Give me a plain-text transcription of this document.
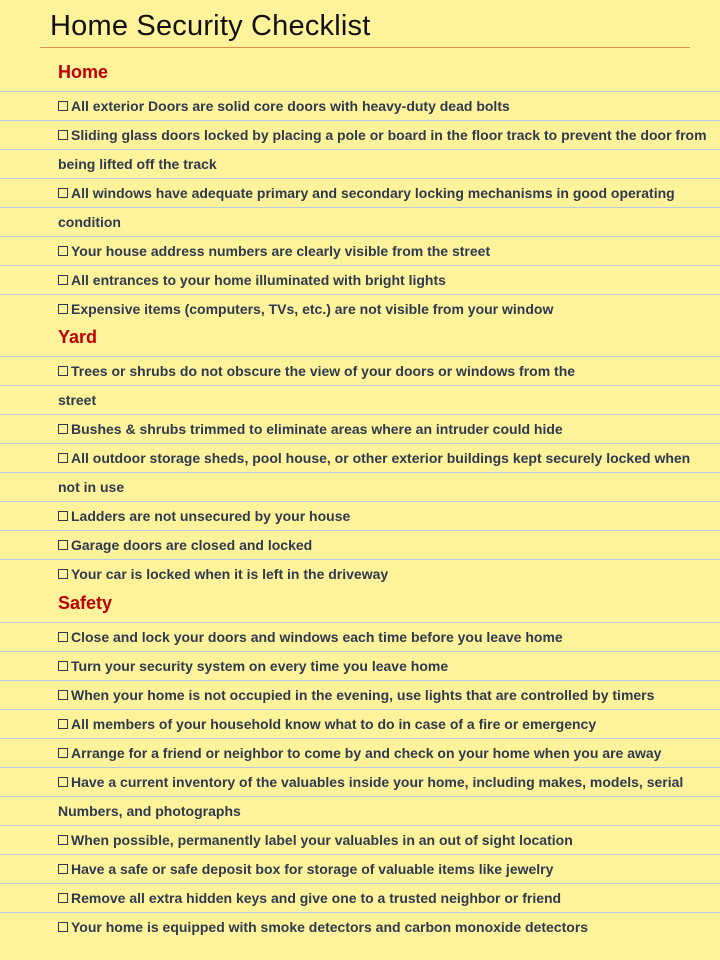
Home Security Checklist
Home
All exterior Doors are solid core doors with heavy-duty dead bolts
Sliding glass doors locked by placing a pole or board in the floor track to prevent the door from
being lifted off the track
All windows have adequate primary and secondary locking mechanisms in good operating
condition
Your house address numbers are clearly visible from the street
All entrances to your home illuminated with bright lights
Expensive items (computers, TVs, etc.) are not visible from your window
Yard
Trees or shrubs do not obscure the view of your doors or windows from the
street
Bushes & shrubs trimmed to eliminate areas where an intruder could hide
All outdoor storage sheds, pool house, or other exterior buildings kept securely locked when
not in use
Ladders are not unsecured by your house
Garage doors are closed and locked
Your car is locked when it is left in the driveway
Safety
Close and lock your doors and windows each time before you leave home
Turn your security system on every time you leave home
When your home is not occupied in the evening, use lights that are controlled by timers
All members of your household know what to do in case of a fire or emergency
Arrange for a friend or neighbor to come by and check on your home when you are away
Have a current inventory of the valuables inside your home, including makes, models, serial
Numbers, and photographs
When possible, permanently label your valuables in an out of sight location
Have a safe or safe deposit box for storage of valuable items like jewelry
Remove all extra hidden keys and give one to a trusted neighbor or friend
Your home is equipped with smoke detectors and carbon monoxide detectors
